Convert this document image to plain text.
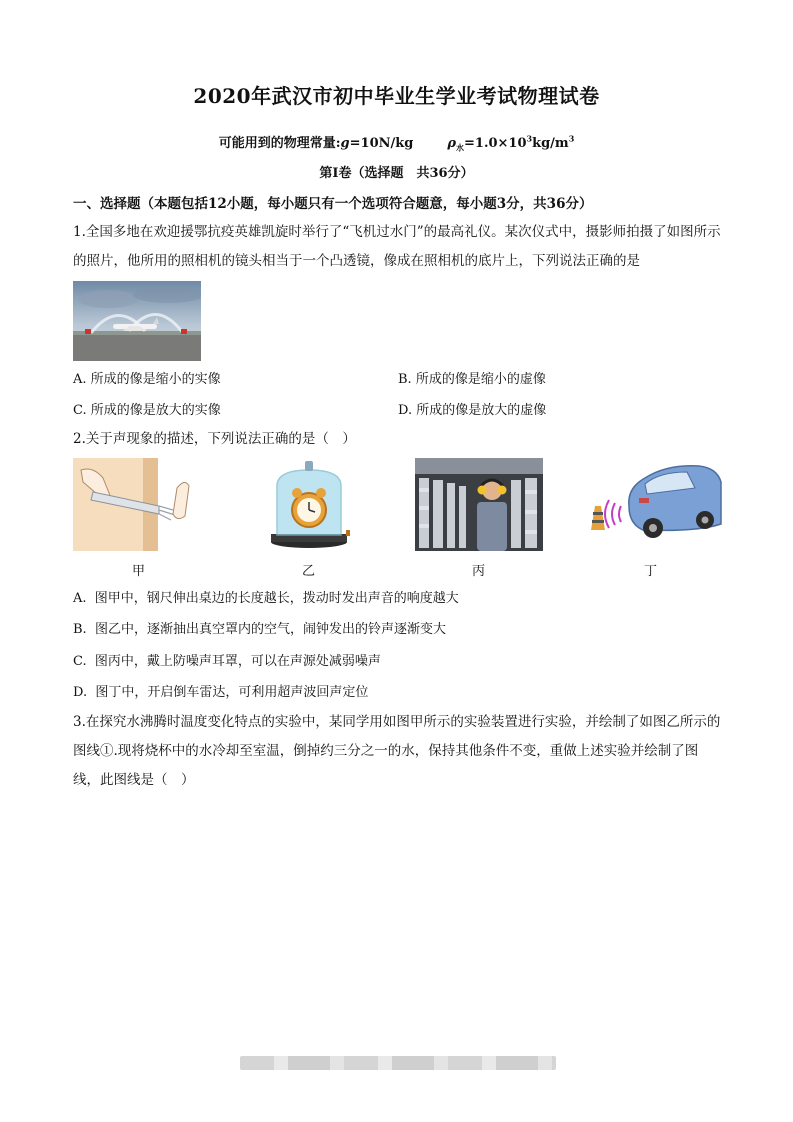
2020年武汉市初中毕业生学业考试物理试卷
可能用到的物理常量:g=10N/kg	$\rho_水=1.0\times 10^3kg/m^3$
第Ⅰ卷（选择题　共36分）
一、选择题（本题包括12小题，每小题只有一个选项符合题意，每小题3分，共36分）
1.全国多地在欢迎援鄂抗疫英雄凯旋时举行了“飞机过水门”的最高礼仪。某次仪式中，摄影师拍摄了如图所示的照片，他所用的照相机的镜头相当于一个凸透镜，像成在照相机的底片上，下列说法正确的是
A. 所成的像是缩小的实像	B. 所成的像是缩小的虚像
C. 所成的像是放大的实像	D. 所成的像是放大的虚像
2.关于声现象的描述，下列说法正确的是（　）
甲	乙	丙	丁
A. 图甲中，钢尺伸出桌边的长度越长，拨动时发出声音的响度越大
B. 图乙中，逐渐抽出真空罩内的空气，闹钟发出的铃声逐渐变大
C. 图丙中，戴上防噪声耳罩，可以在声源处减弱噪声
D. 图丁中，开启倒车雷达，可利用超声波回声定位
3.在探究水沸腾时温度变化特点的实验中，某同学用如图甲所示的实验装置进行实验，并绘制了如图乙所示的图线①.现将烧杯中的水冷却至室温，倒掉约三分之一的水，保持其他条件不变，重做上述实验并绘制了图线，此图线是（　）
